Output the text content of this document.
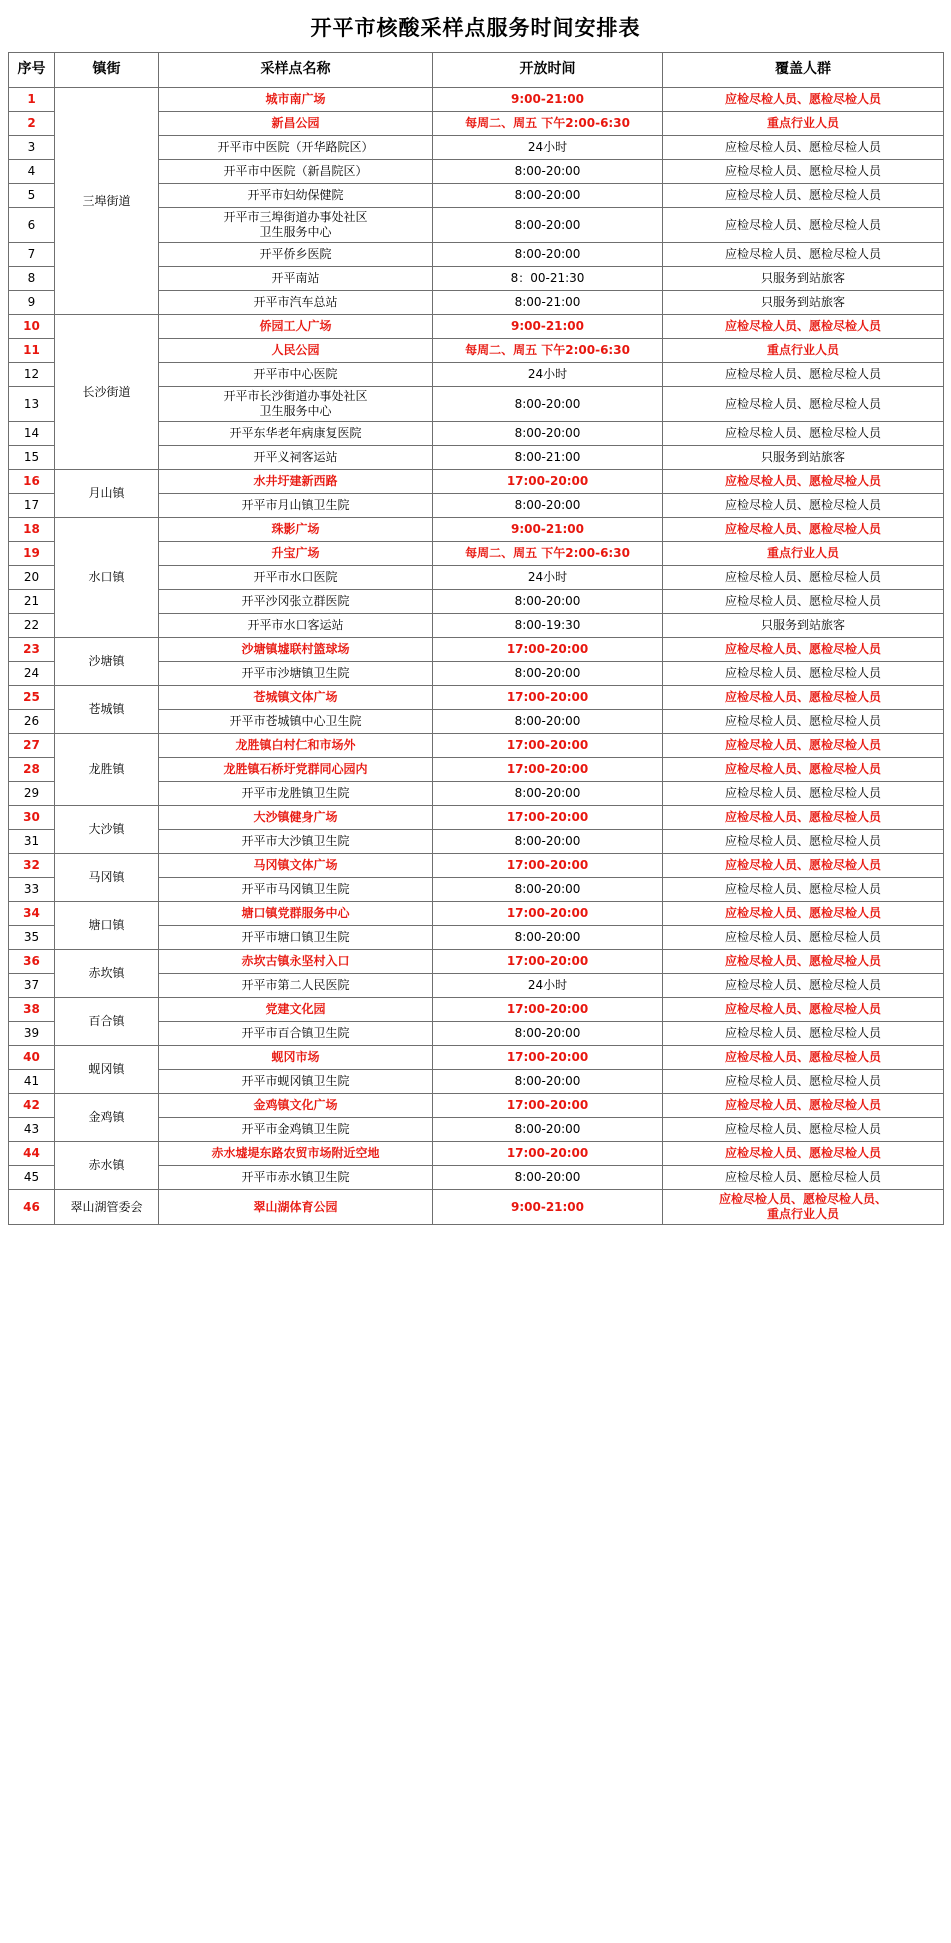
开平市核酸采样点服务时间安排表
序号	镇街	采样点名称	开放时间	覆盖人群
1	三埠街道	城市南广场	9:00-21:00	应检尽检人员、愿检尽检人员
2		新昌公园	每周二、周五 下午2:00-6:30	重点行业人员
3		开平市中医院（开华路院区）	24小时	应检尽检人员、愿检尽检人员
4		开平市中医院（新昌院区）	8:00-20:00	应检尽检人员、愿检尽检人员
5		开平市妇幼保健院	8:00-20:00	应检尽检人员、愿检尽检人员
6		开平市三埠街道办事处社区
卫生服务中心	8:00-20:00	应检尽检人员、愿检尽检人员
7		开平侨乡医院	8:00-20:00	应检尽检人员、愿检尽检人员
8		开平南站	8：00-21:30	只服务到站旅客
9		开平市汽车总站	8:00-21:00	只服务到站旅客
10	长沙街道	侨园工人广场	9:00-21:00	应检尽检人员、愿检尽检人员
11		人民公园	每周二、周五 下午2:00-6:30	重点行业人员
12		开平市中心医院	24小时	应检尽检人员、愿检尽检人员
13		开平市长沙街道办事处社区
卫生服务中心	8:00-20:00	应检尽检人员、愿检尽检人员
14		开平东华老年病康复医院	8:00-20:00	应检尽检人员、愿检尽检人员
15		开平义祠客运站	8:00-21:00	只服务到站旅客
16	月山镇	水井圩建新西路	17:00-20:00	应检尽检人员、愿检尽检人员
17		开平市月山镇卫生院	8:00-20:00	应检尽检人员、愿检尽检人员
18	水口镇	珠影广场	9:00-21:00	应检尽检人员、愿检尽检人员
19		升宝广场	每周二、周五 下午2:00-6:30	重点行业人员
20		开平市水口医院	24小时	应检尽检人员、愿检尽检人员
21		开平沙冈张立群医院	8:00-20:00	应检尽检人员、愿检尽检人员
22		开平市水口客运站	8:00-19:30	只服务到站旅客
23	沙塘镇	沙塘镇墟联村篮球场	17:00-20:00	应检尽检人员、愿检尽检人员
24		开平市沙塘镇卫生院	8:00-20:00	应检尽检人员、愿检尽检人员
25	苍城镇	苍城镇文体广场	17:00-20:00	应检尽检人员、愿检尽检人员
26		开平市苍城镇中心卫生院	8:00-20:00	应检尽检人员、愿检尽检人员
27	龙胜镇	龙胜镇白村仁和市场外	17:00-20:00	应检尽检人员、愿检尽检人员
28		龙胜镇石桥圩党群同心园内	17:00-20:00	应检尽检人员、愿检尽检人员
29		开平市龙胜镇卫生院	8:00-20:00	应检尽检人员、愿检尽检人员
30	大沙镇	大沙镇健身广场	17:00-20:00	应检尽检人员、愿检尽检人员
31		开平市大沙镇卫生院	8:00-20:00	应检尽检人员、愿检尽检人员
32	马冈镇	马冈镇文体广场	17:00-20:00	应检尽检人员、愿检尽检人员
33		开平市马冈镇卫生院	8:00-20:00	应检尽检人员、愿检尽检人员
34	塘口镇	塘口镇党群服务中心	17:00-20:00	应检尽检人员、愿检尽检人员
35		开平市塘口镇卫生院	8:00-20:00	应检尽检人员、愿检尽检人员
36	赤坎镇	赤坎古镇永坚村入口	17:00-20:00	应检尽检人员、愿检尽检人员
37		开平市第二人民医院	24小时	应检尽检人员、愿检尽检人员
38	百合镇	党建文化园	17:00-20:00	应检尽检人员、愿检尽检人员
39		开平市百合镇卫生院	8:00-20:00	应检尽检人员、愿检尽检人员
40	蚬冈镇	蚬冈市场	17:00-20:00	应检尽检人员、愿检尽检人员
41		开平市蚬冈镇卫生院	8:00-20:00	应检尽检人员、愿检尽检人员
42	金鸡镇	金鸡镇文化广场	17:00-20:00	应检尽检人员、愿检尽检人员
43		开平市金鸡镇卫生院	8:00-20:00	应检尽检人员、愿检尽检人员
44	赤水镇	赤水墟堤东路农贸市场附近空地	17:00-20:00	应检尽检人员、愿检尽检人员
45		开平市赤水镇卫生院	8:00-20:00	应检尽检人员、愿检尽检人员
46	翠山湖管委会	翠山湖体育公园	9:00-21:00	应检尽检人员、愿检尽检人员、
重点行业人员
